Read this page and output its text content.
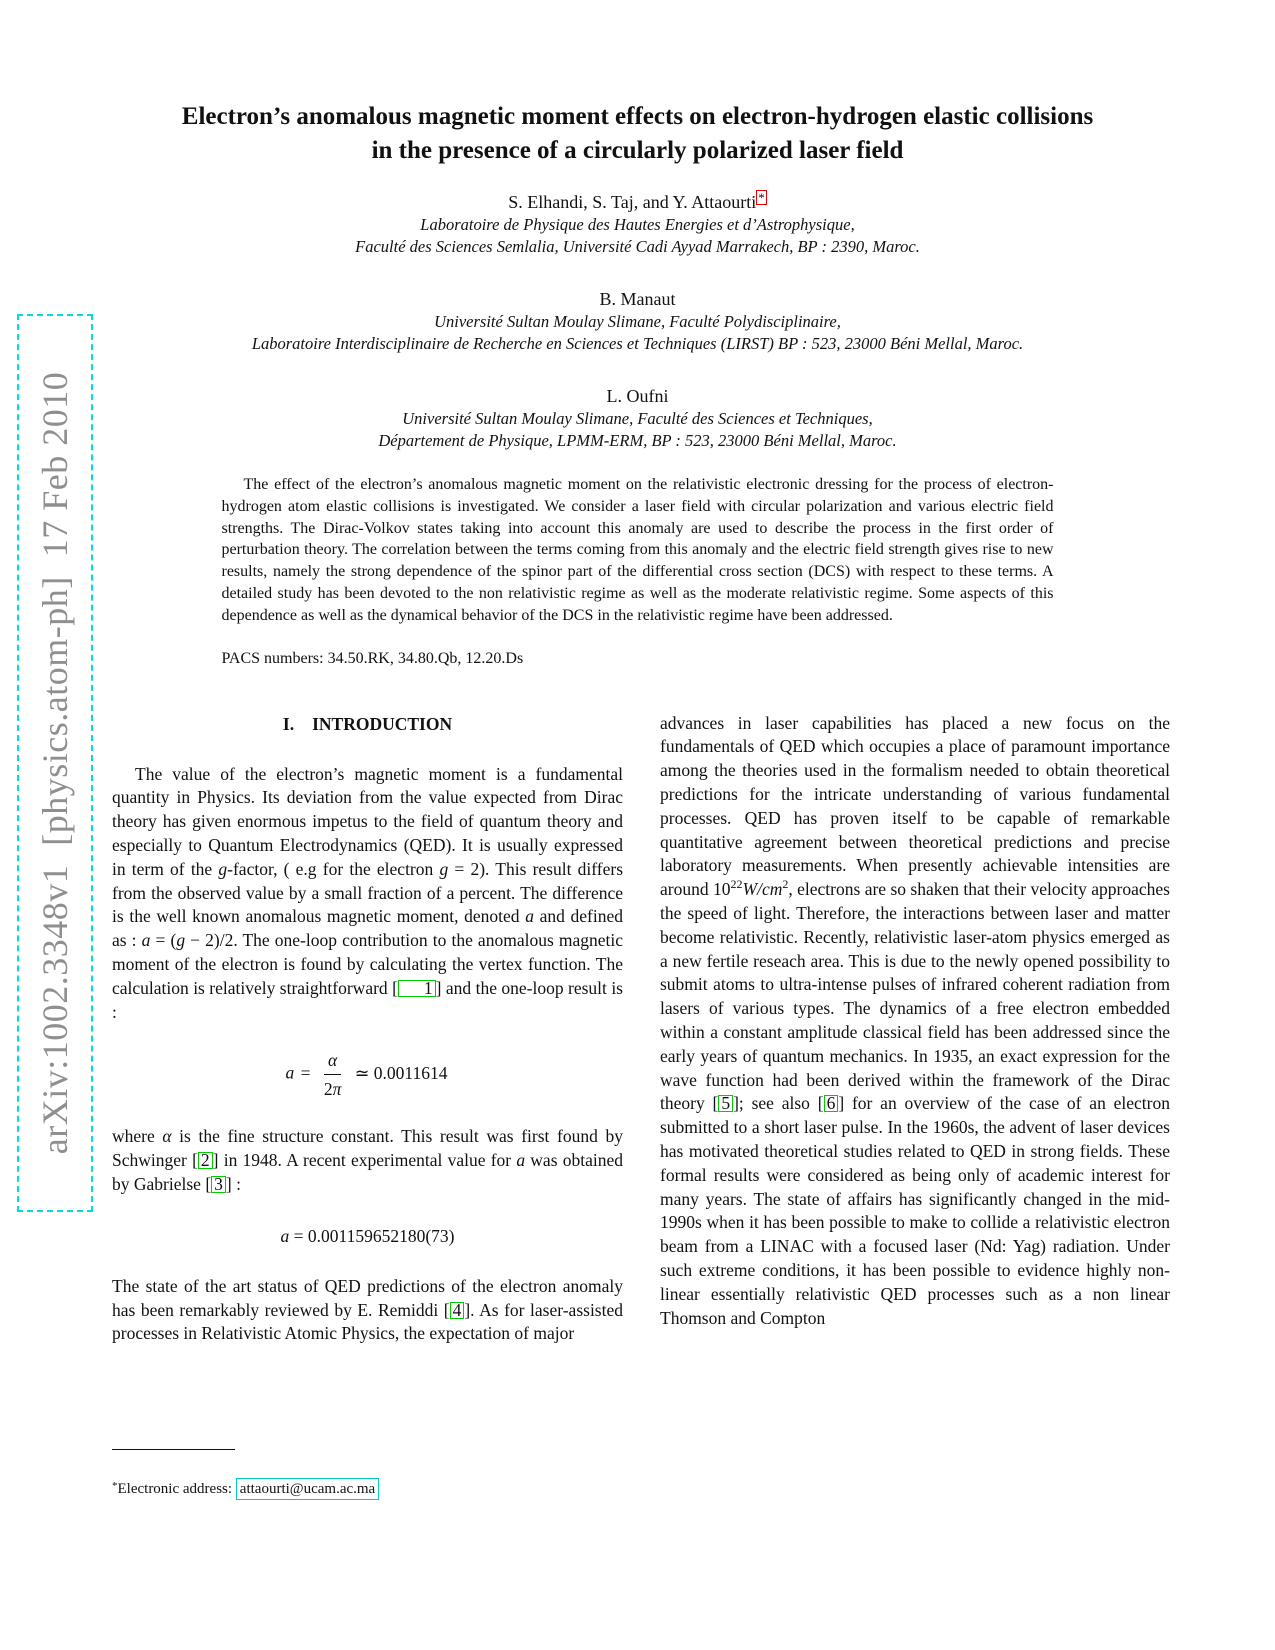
arXiv:1002.3348v1  [physics.atom-ph]  17 Feb 2010
Electron’s anomalous magnetic moment effects on electron-hydrogen elastic collisions
in the presence of a circularly polarized laser field
S. Elhandi, S. Taj, and Y. Attaourti *
Laboratoire de Physique des Hautes Energies et d’Astrophysique,
Faculté des Sciences Semlalia, Université Cadi Ayyad Marrakech, BP : 2390, Maroc.
B. Manaut
Université Sultan Moulay Slimane, Faculté Polydisciplinaire,
Laboratoire Interdisciplinaire de Recherche en Sciences et Techniques (LIRST) BP : 523, 23000 Béni Mellal, Maroc.
L. Oufni
Université Sultan Moulay Slimane, Faculté des Sciences et Techniques,
Département de Physique, LPMM-ERM, BP : 523, 23000 Béni Mellal, Maroc.
The effect of the electron’s anomalous magnetic moment on the relativistic electronic dressing for the process of electron-hydrogen atom elastic collisions is investigated. We consider a laser field with circular polarization and various electric field strengths. The Dirac-Volkov states taking into account this anomaly are used to describe the process in the first order of perturbation theory. The correlation between the terms coming from this anomaly and the electric field strength gives rise to new results, namely the strong dependence of the spinor part of the differential cross section (DCS) with respect to these terms. A detailed study has been devoted to the non relativistic regime as well as the moderate relativistic regime. Some aspects of this dependence as well as the dynamical behavior of the DCS in the relativistic regime have been addressed.
PACS numbers: 34.50.RK, 34.80.Qb, 12.20.Ds
I. INTRODUCTION

The value of the electron’s magnetic moment is a fundamental quantity in Physics. Its deviation from the value expected from Dirac theory has given enormous impetus to the field of quantum theory and especially to Quantum Electrodynamics (QED). It is usually expressed in term of the g-factor, ( e.g for the electron g = 2). This result differs from the observed value by a small fraction of a percent. The difference is the well known anomalous magnetic moment, denoted a and defined as : a = (g − 2)/2. The one-loop contribution to the anomalous magnetic moment of the electron is found by calculating the vertex function. The calculation is relatively straightforward [ 1 ] and the one-loop result is :

$a = \frac{\alpha}{2\pi}$ ≃ 0.0011614

where α is the fine structure constant. This result was first found by Schwinger [ 2 ] in 1948. A recent experimental value for a was obtained by Gabrielse [ 3 ] :

a = 0.001159652180(73)

The state of the art status of QED predictions of the electron anomaly has been remarkably reviewed by E. Remiddi [ 4 ]. As for laser-assisted processes in Relativistic Atomic Physics, the expectation of major

advances in laser capabilities has placed a new focus on the fundamentals of QED which occupies a place of paramount importance among the theories used in the formalism needed to obtain theoretical predictions for the intricate understanding of various fundamental processes. QED has proven itself to be capable of remarkable quantitative agreement between theoretical predictions and precise laboratory measurements. When presently achievable intensities are around $10^{22}W/cm^2$, electrons are so shaken that their velocity approaches the speed of light. Therefore, the interactions between laser and matter become relativistic. Recently, relativistic laser-atom physics emerged as a new fertile reseach area. This is due to the newly opened possibility to submit atoms to ultra-intense pulses of infrared coherent radiation from lasers of various types. The dynamics of a free electron embedded within a constant amplitude classical field has been addressed since the early years of quantum mechanics. In 1935, an exact expression for the wave function had been derived within the framework of the Dirac theory [ 5 ]; see also [ 6 ] for an overview of the case of an electron submitted to a short laser pulse. In the 1960s, the advent of laser devices has motivated theoretical studies related to QED in strong fields. These formal results were considered as being only of academic interest for many years. The state of affairs has significantly changed in the mid-1990s when it has been possible to make to collide a relativistic electron beam from a LINAC with a focused laser (Nd: Yag) radiation. Under such extreme conditions, it has been possible to evidence highly non-linear essentially relativistic QED processes such as a non linear Thomson and Compton

*Electronic address: attaourti@ucam.ac.ma
